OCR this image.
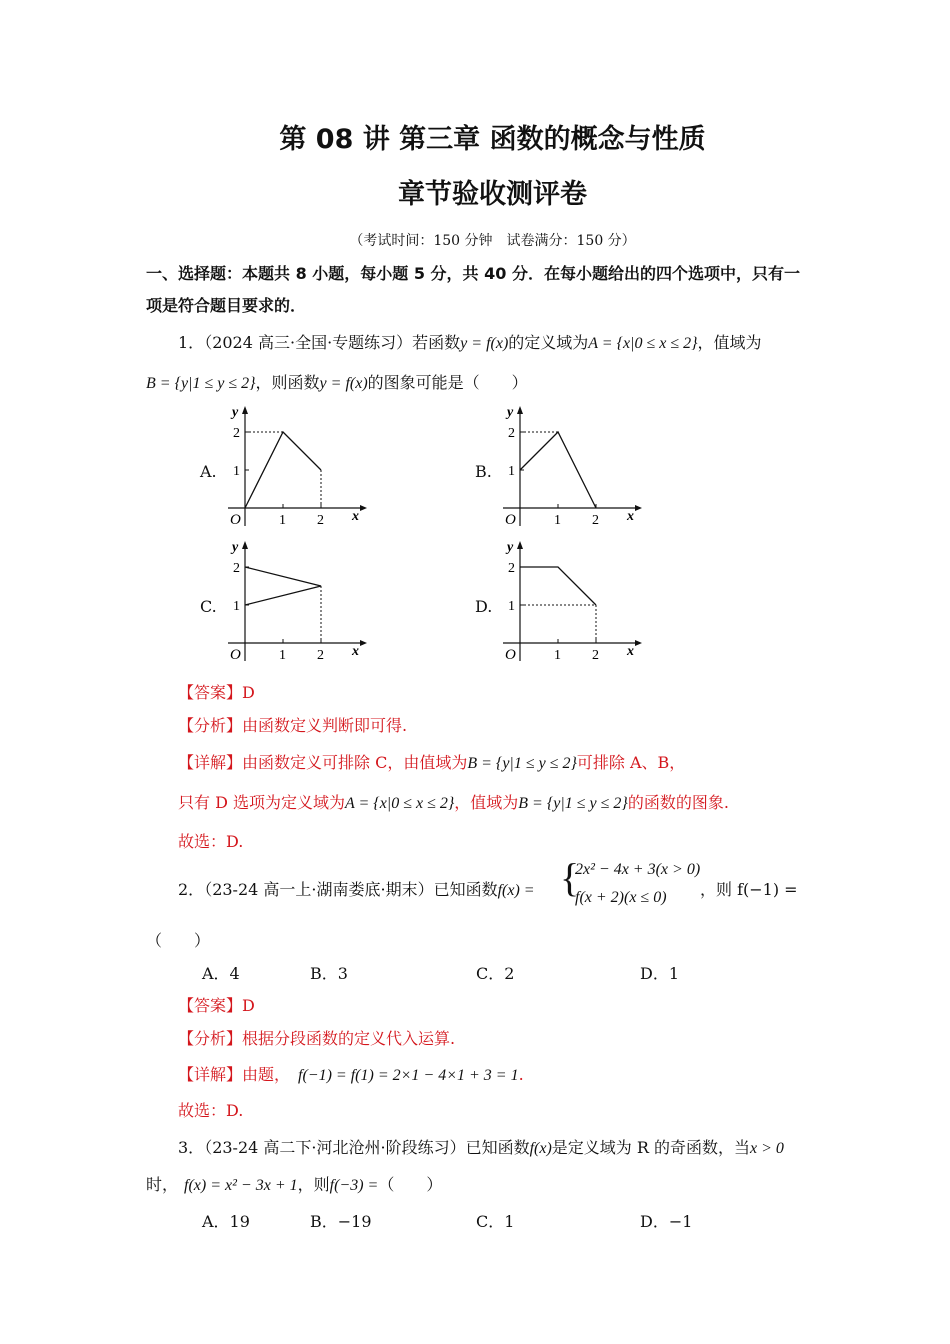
第 08 讲 第三章 函数的概念与性质
章节验收测评卷
（考试时间：150 分钟　试卷满分：150 分）
一、选择题：本题共 8 小题，每小题 5 分，共 40 分．在每小题给出的四个选项中，只有一
项是符合题目要求的．
1．（2024 高三·全国·专题练习）若函数y = f(x)的定义域为A = {x|0 ≤ x ≤ 2}，值域为
B = {y|1 ≤ y ≤ 2}，则函数y = f(x)的图象可能是（　　）
A.	B.
C.	D.
1 2
1
2
O	x
y
1 2
1
2
O	x
y
1 2
1
2
O	x
y
1 2
1
2
O	x
y
【答案】D
【分析】由函数定义判断即可得.
【详解】由函数定义可排除 C，由值域为B = {y|1 ≤ y ≤ 2}可排除 A、B，
只有 D 选项为定义域为A = {x|0 ≤ x ≤ 2}，值域为B = {y|1 ≤ y ≤ 2}的函数的图象.
故选：D.
2．（23-24 高一上·湖南娄底·期末）已知函数f(x) = {
2x² − 4x + 3(x > 0)
f(x + 2)(x ≤ 0) ，则 f(−1) =
（　　）
A．4	B．3	C．2	D．1
【答案】D
【分析】根据分段函数的定义代入运算.
【详解】由题， f(−1) = f(1) = 2×1 − 4×1 + 3 = 1.
故选：D.
3．（23-24 高二下·河北沧州·阶段练习）已知函数f(x)是定义域为 R 的奇函数，当x > 0
时， f(x) = x² − 3x + 1，则f(−3) =（　　）
A．19	B．−19	C．1	D．−1
